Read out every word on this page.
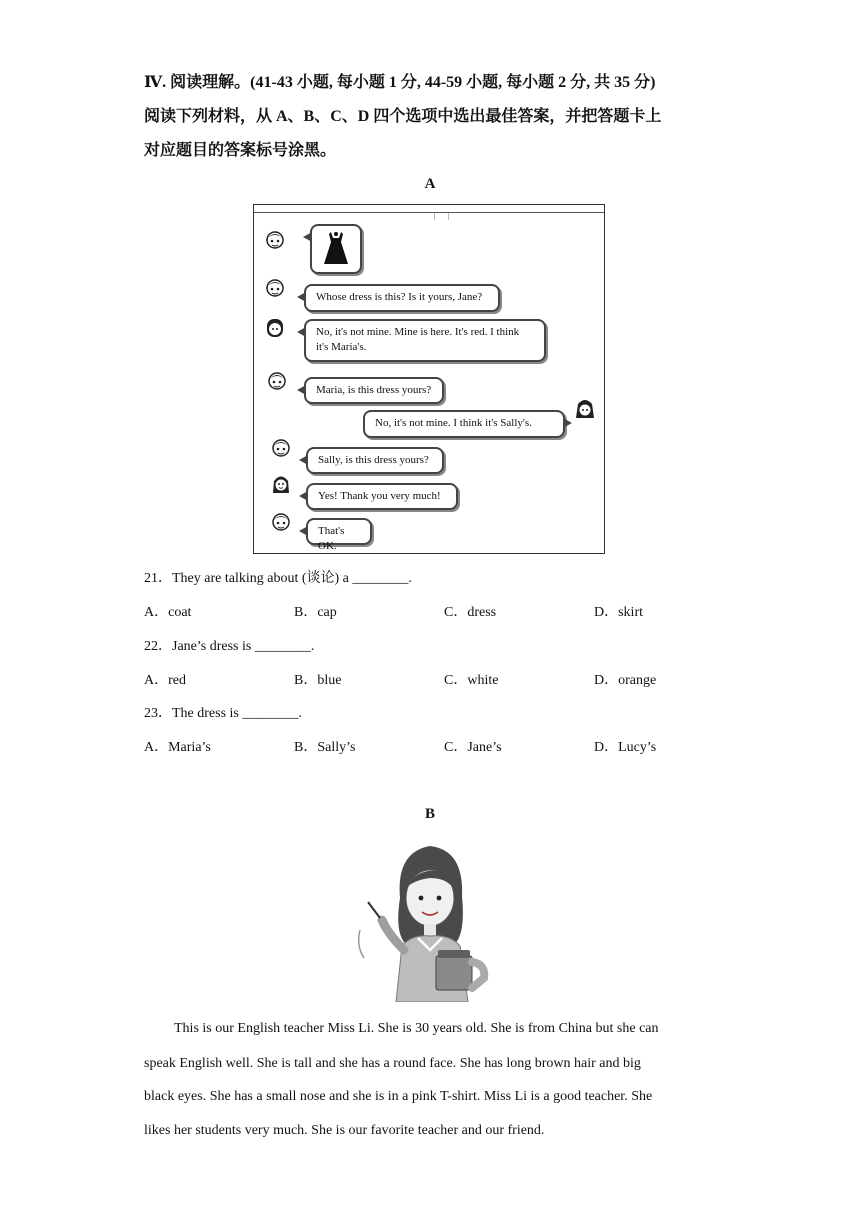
Ⅳ. 阅读理解。(41-43 小题, 每小题 1 分, 44-59 小题, 每小题 2 分, 共 35 分)
阅读下列材料，从 A、B、C、D 四个选项中选出最佳答案，并把答题卡上
对应题目的答案标号涂黑。
A
Whose dress is this? Is it yours, Jane?
No, it's not mine. Mine is here. It's red. I think it's Maria's.
Maria, is this dress yours?
No, it's not mine. I think it's Sally's.
Sally, is this dress yours?
Yes! Thank you very much!
That's OK.
21．They are talking about (谈论) a ________.
A．coat	B．cap	C．dress	D．skirt
22．Jane’s dress is ________.
A．red	B．blue	C．white	D．orange
23．The dress is ________.
A．Maria’s	B．Sally’s	C．Jane’s	D．Lucy’s
B
This is our English teacher Miss Li. She is 30 years old. She is from China but she can
speak English well. She is tall and she has a round face. She has long brown hair and big
black eyes. She has a small nose and she is in a pink T-shirt. Miss Li is a good teacher. She
likes her students very much. She is our favorite teacher and our friend.
